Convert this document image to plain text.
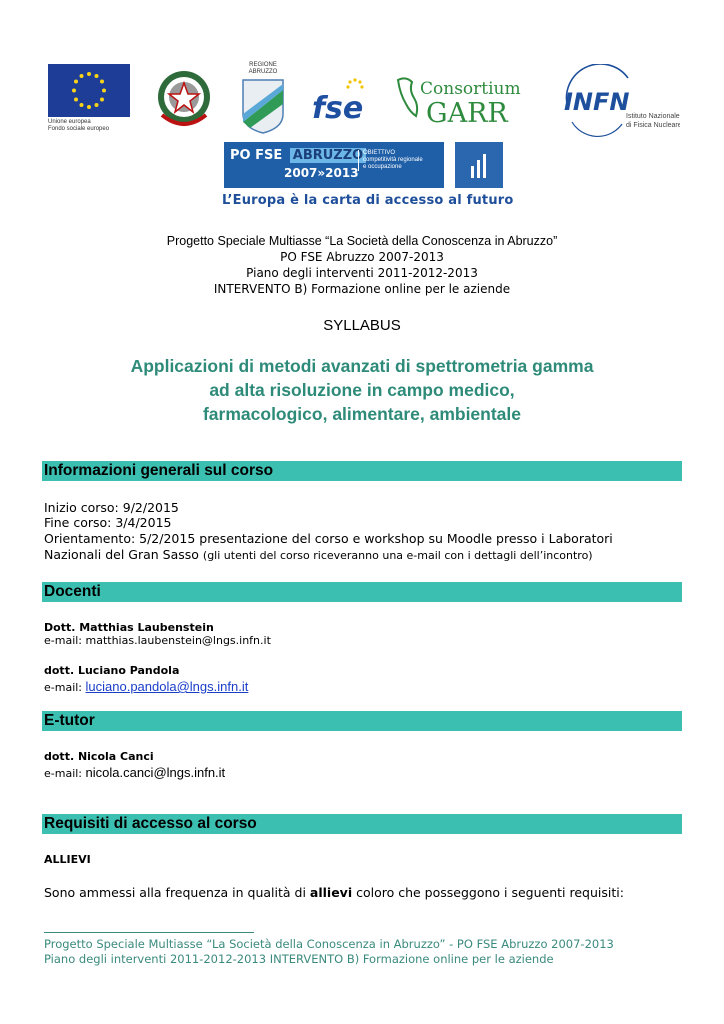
Unione europea
Fondo sociale europeo
REGIONE
ABRUZZO
fse
Consortium
GARR INFN
Istituto Nazionale
di Fisica Nucleare
PO FSE ABRUZZO
2007»2013
OBIETTIVO
competitività regionale
e occupazione
L’Europa è la carta di accesso al futuro
Progetto Speciale Multiasse “La Società della Conoscenza in Abruzzo”
PO FSE Abruzzo 2007-2013
Piano degli interventi 2011-2012-2013
INTERVENTO B) Formazione online per le aziende
SYLLABUS
Applicazioni di metodi avanzati di spettrometria gamma
ad alta risoluzione in campo medico,
farmacologico, alimentare, ambientale
Informazioni generali sul corso
Inizio corso: 9/2/2015
Fine corso: 3/4/2015
Orientamento: 5/2/2015 presentazione del corso e workshop su Moodle presso i Laboratori
Nazionali del Gran Sasso (gli utenti del corso riceveranno una e-mail con i dettagli dell’incontro)
Docenti
Dott. Matthias Laubenstein
e-mail: matthias.laubenstein@lngs.infn.it
dott. Luciano Pandola
e-mail: luciano.pandola@lngs.infn.it
E-tutor
dott. Nicola Canci
e-mail: nicola.canci@lngs.infn.it
Requisiti di accesso al corso
ALLIEVI
Sono ammessi alla frequenza in qualità di allievi coloro che posseggono i seguenti requisiti:
Progetto Speciale Multiasse “La Società della Conoscenza in Abruzzo” - PO FSE Abruzzo 2007-2013
Piano degli interventi 2011-2012-2013 INTERVENTO B) Formazione online per le aziende
